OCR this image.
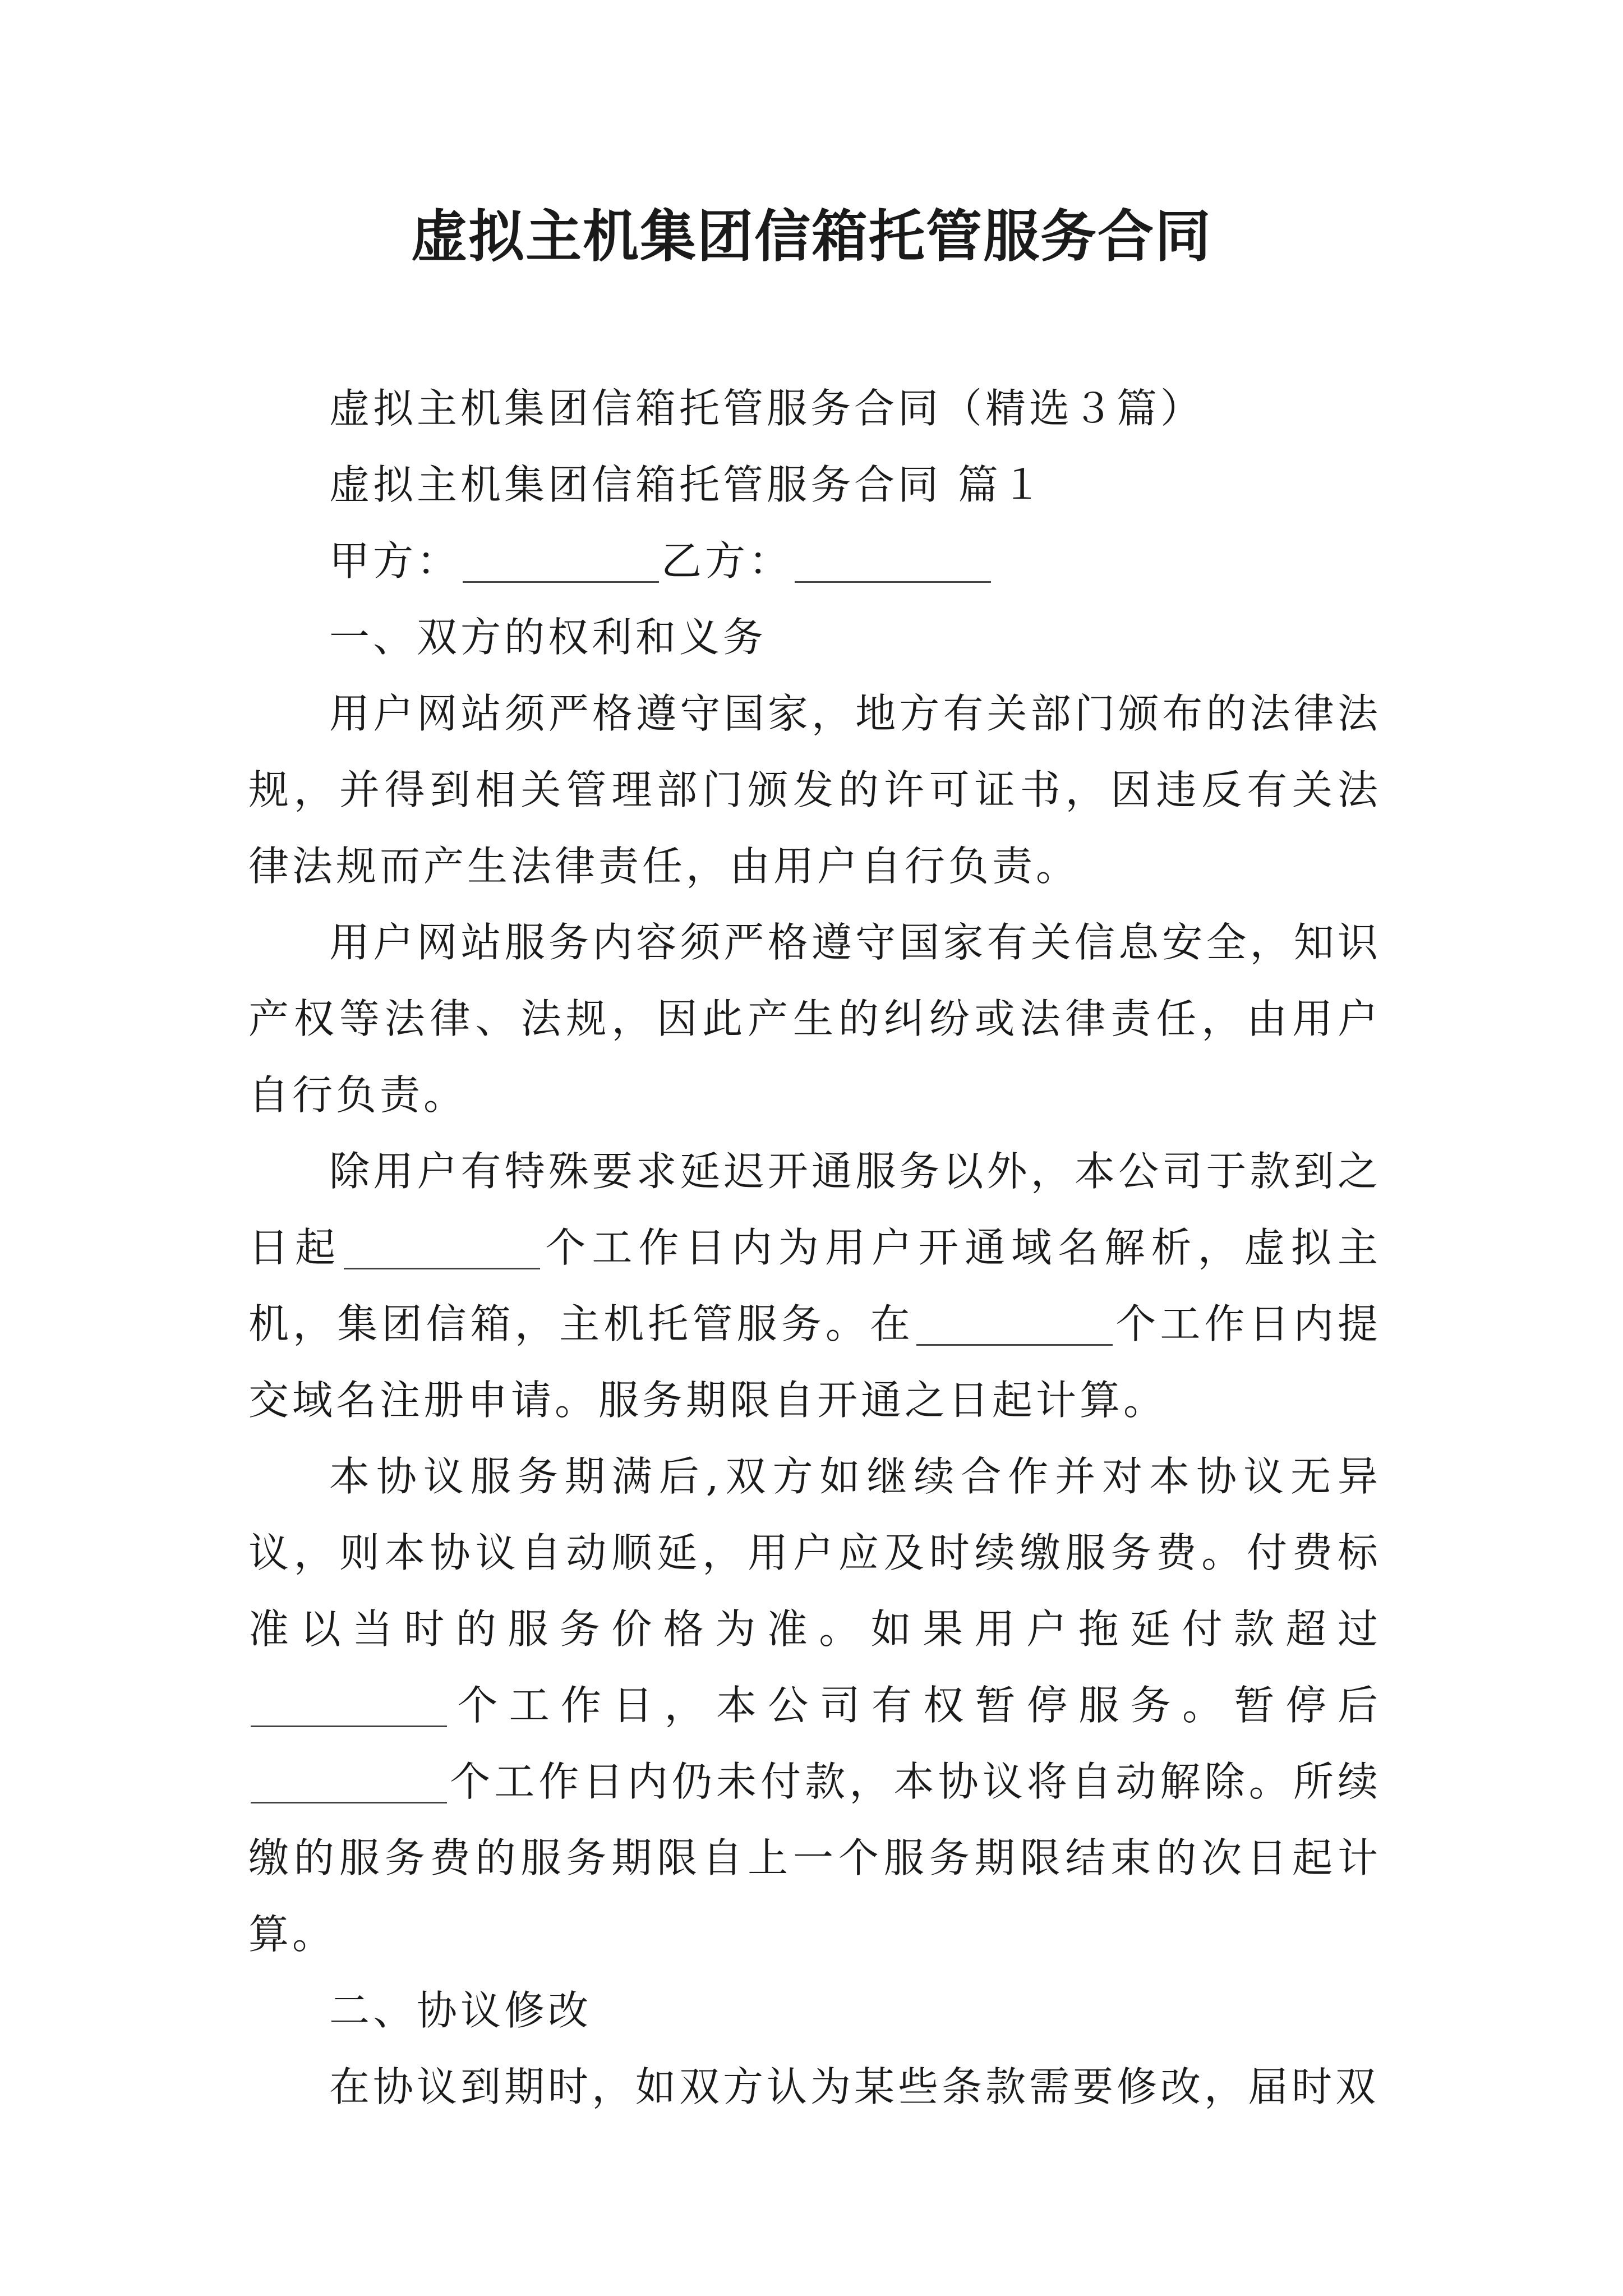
虚拟主机集团信箱托管服务合同

虚拟主机集团信箱托管服务合同（精选３篇）

虚拟主机集团信箱托管服务合同 篇１

甲方：	乙方：

一、双方的权利和义务

用户网站须严格遵守国家，地方有关部门颁布的法律法规，并得到相关管理部门颁发的许可证书，因违反有关法律法规而产生法律责任，由用户自行负责。

用户网站服务内容须严格遵守国家有关信息安全，知识产权等法律、法规，因此产生的纠纷或法律责任，由用户自行负责。

除用户有特殊要求延迟开通服务以外，本公司于款到之日起	个工作日内为用户开通域名解析，虚拟主机，集团信箱，主机托管服务。在	个工作日内提交域名注册申请。服务期限自开通之日起计算。

本协议服务期满后,双方如继续合作并对本协议无异议，则本协议自动顺延，用户应及时续缴服务费。付费标准以当时的服务价格为准。如果用户拖延付款超过个工作日，本公司有权暂停服务。暂停后个工作日内仍未付款，本协议将自动解除。所续缴的服务费的服务期限自上一个服务期限结束的次日起计算。

二、协议修改

在协议到期时，如双方认为某些条款需要修改，届时双
